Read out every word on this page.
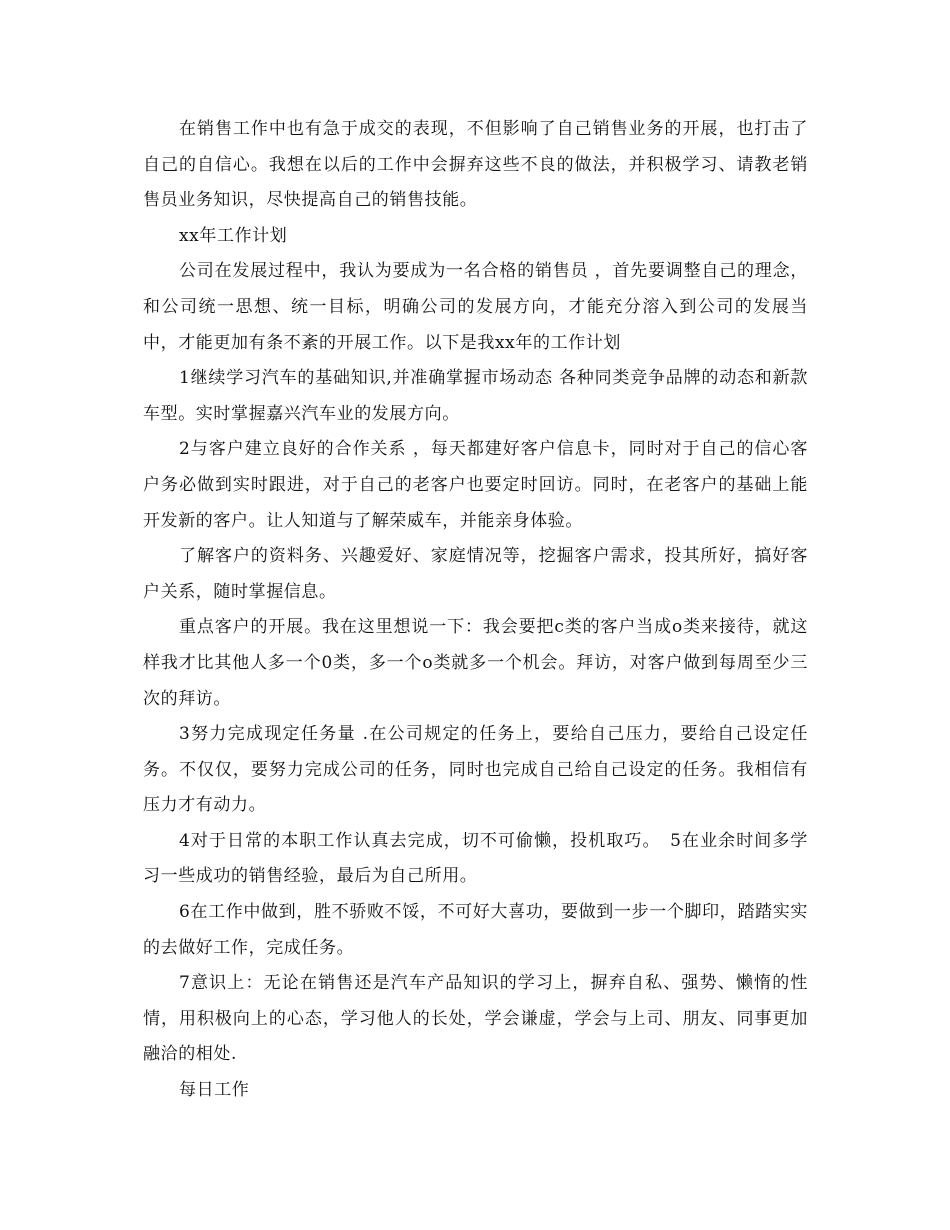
在销售工作中也有急于成交的表现，不但影响了自己销售业务的开展，也打击了自己的自信心。我想在以后的工作中会摒弃这些不良的做法，并积极学习、请教老销售员业务知识，尽快提高自己的销售技能。

xx年工作计划

公司在发展过程中，我认为要成为一名合格的销售员 ，首先要调整自己的理念，和公司统一思想、统一目标，明确公司的发展方向，才能充分溶入到公司的发展当中，才能更加有条不紊的开展工作。以下是我xx年的工作计划

1继续学习汽车的基础知识,并准确掌握市场动态 各种同类竞争品牌的动态和新款车型。实时掌握嘉兴汽车业的发展方向。

2与客户建立良好的合作关系 ，每天都建好客户信息卡，同时对于自己的信心客户务必做到实时跟进，对于自己的老客户也要定时回访。同时，在老客户的基础上能开发新的客户。让人知道与了解荣威车，并能亲身体验。

了解客户的资料务、兴趣爱好、家庭情况等，挖掘客户需求，投其所好，搞好客户关系，随时掌握信息。

重点客户的开展。我在这里想说一下：我会要把c类的客户当成o类来接待，就这样我才比其他人多一个0类，多一个o类就多一个机会。拜访，对客户做到每周至少三次的拜访。

3努力完成现定任务量 .在公司规定的任务上，要给自己压力，要给自己设定任务。不仅仅，要努力完成公司的任务，同时也完成自己给自己设定的任务。我相信有压力才有动力。

4对于日常的本职工作认真去完成，切不可偷懒，投机取巧。　5在业余时间多学习一些成功的销售经验，最后为自己所用。

6在工作中做到，胜不骄败不馁，不可好大喜功，要做到一步一个脚印，踏踏实实的去做好工作，完成任务。

7意识上：无论在销售还是汽车产品知识的学习上，摒弃自私、强势、懒惰的性情，用积极向上的心态，学习他人的长处，学会谦虚，学会与上司、朋友、同事更加融洽的相处.

每日工作
